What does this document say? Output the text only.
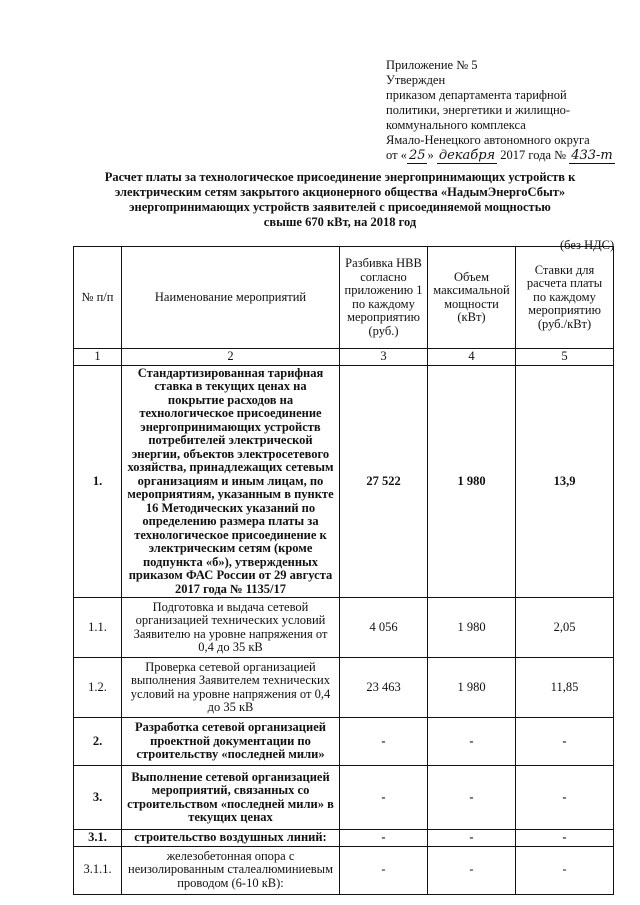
Приложение № 5
Утвержден
приказом департамента тарифной
политики, энергетики и жилищно-
коммунального комплекса
Ямало-Ненецкого автономного округа
от « 25 » декабря 2017 года № 433-т
Расчет платы за технологическое присоединение энергопринимающих устройств к
электрическим сетям закрытого акционерного общества «НадымЭнергоСбыт»
энергопринимающих устройств заявителей с присоединяемой мощностью
свыше 670 кВт, на 2018 год
(без НДС)
№ п/п	Наименование мероприятий	Разбивка НВВ согласно приложению 1 по каждому мероприятию (руб.)	Объем максимальной мощности (кВт)	Ставки для расчета платы по каждому мероприятию (руб./кВт)
1	2	3	4	5
1.	Стандартизированная тарифная ставка в текущих ценах на покрытие расходов на технологическое присоединение энергопринимающих устройств потребителей электрической энергии, объектов электросетевого хозяйства, принадлежащих сетевым организациям и иным лицам, по мероприятиям, указанным в пункте 16 Методических указаний по определению размера платы за технологическое присоединение к электрическим сетям (кроме подпункта «б»), утвержденных приказом ФАС России от 29 августа 2017 года № 1135/17	27 522	1 980	13,9
1.1.	Подготовка и выдача сетевой организацией технических условий Заявителю на уровне напряжения от 0,4 до 35 кВ	4 056	1 980	2,05
1.2.	Проверка сетевой организацией выполнения Заявителем технических условий на уровне напряжения от 0,4 до 35 кВ	23 463	1 980	11,85
2.	Разработка сетевой организацией проектной документации по строительству «последней мили»	-	-	-
3.	Выполнение сетевой организацией мероприятий, связанных со строительством «последней мили» в текущих ценах	-	-	-
3.1.	строительство воздушных линий:	-	-	-
3.1.1.	железобетонная опора с неизолированным сталеалюминиевым проводом (6-10 кВ):	-	-	-
